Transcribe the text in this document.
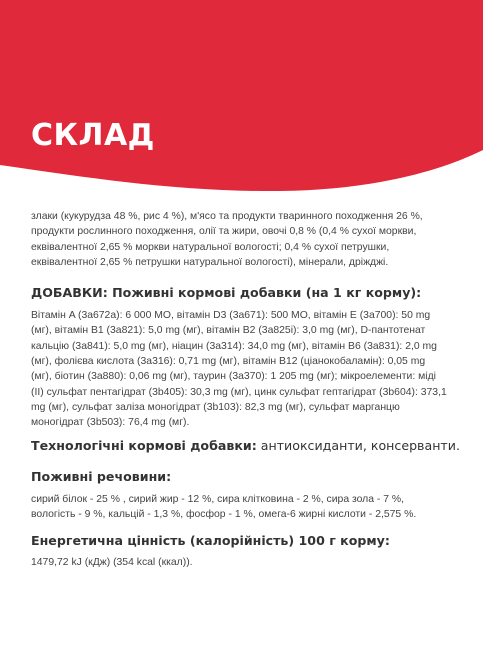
СКЛАД

злаки (кукурудза 48 %, рис 4 %), м'ясо та продукти тваринного походження 26 %, продукти рослинного походження, олії та жири, овочі 0,8 % (0,4 % сухої моркви, еквівалентної 2,65 % моркви натуральної вологості; 0,4 % сухої петрушки, еквівалентної 2,65 % петрушки натуральної вологості), мінерали, дріжджі.

ДОБАВКИ: Поживні кормові добавки (на 1 кг корму):

Вітамін A (3a672a): 6 000 МО, вітамін D3 (3a671): 500 МО, вітамін E (3a700): 50 mg (мг), вітамін B1 (3a821): 5,0 mg (мг), вітамін B2 (3a825i): 3,0 mg (мг), D-пантотенат кальцію (3a841): 5,0 mg (мг), ніацин (3a314): 34,0 mg (мг), вітамін B6 (3a831): 2,0 mg (мг), фолієва кислота (3a316): 0,71 mg (мг), вітамін B12 (ціанокобаламін): 0,05 mg (мг), біотин (3a880): 0,06 mg (мг), таурин (3a370): 1 205 mg (мг); мікроелементи: міді (II) сульфат пентагідрат (3b405): 30,3 mg (мг), цинк сульфат гептагідрат (3b604): 373,1 mg (мг), сульфат заліза моногідрат (3b103): 82,3 mg (мг), сульфат марганцю моногідрат (3b503): 76,4 mg (мг).

Технологічні кормові добавки: антиоксиданти, консерванти.

Поживні речовини:

сирий білок - 25 % , сирий жир - 12 %, сира клітковина - 2 %, сира зола - 7 %, вологість - 9 %, кальцій - 1,3 %, фосфор - 1 %, омега-6 жирні кислоти - 2,575 %.

Енергетична цінність (калорійність) 100 г корму:

1479,72 kJ (кДж) (354 kcal (ккал)).
